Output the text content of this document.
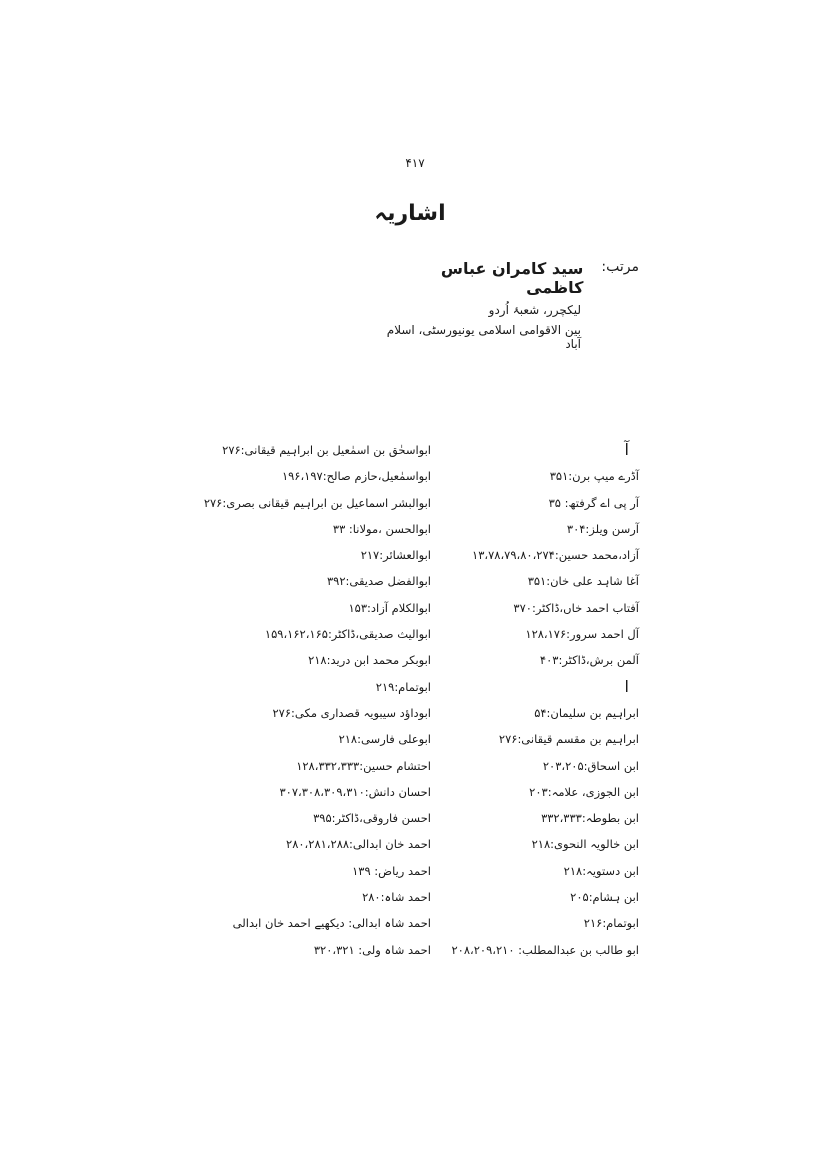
۴۱۷
اشاریہ
مرتب:
سید کامران عباس کاظمی
لیکچرر، شعبۂ اُردو
بین الاقوامی اسلامی یونیورسٹی، اسلام آباد
آ
آڈرے میپ برن:۳۵۱
آر پی اے گرفتھ: ۳۵
آرسن ویلز:۳۰۴
آزاد،محمد حسین:۱۳،۷۸،۷۹،۸۰،۲۷۴
آغا شاہد علی خان:۳۵۱
آفتاب احمد خاں،ڈاکٹر:۳۷۰
آل احمد سرور:۱۲۸،۱۷۶
آلمن برش،ڈاکٹر:۴۰۳
ا
ابراہیم بن سلیمان:۵۴
ابراہیم بن مقسم قیقانی:۲۷۶
ابن اسحاق:۲۰۳،۲۰۵
ابن الجوزی، علامہ:۲۰۳
ابن بطوطہ:۳۳۲،۳۳۳
ابن خالویہ النحوی:۲۱۸
ابن دستویہ:۲۱۸
ابن ہشام:۲۰۵
ابوتمام:۲۱۶
ابو طالب بن عبدالمطلب: ۲۰۸،۲۰۹،۲۱۰
ابواسحٰق بن اسمٰعیل بن ابراہیم قیقانی:۲۷۶
ابواسمٰعیل،حازم صالح:۱۹۶،۱۹۷
ابوالبشر اسماعیل بن ابراہیم قیقانی بصری:۲۷۶
ابوالحسن ،مولانا: ۳۳
ابوالعشائر:۲۱۷
ابوالفضل صدیقی:۳۹۲
ابوالکلام آزاد:۱۵۳
ابوالیث صدیقی،ڈاکٹر:۱۵۹،۱۶۲،۱۶۵
ابوبکر محمد ابن درید:۲۱۸
ابوتمام:۲۱۹
ابوداؤد سیبویہ قصداری مکی:۲۷۶
ابوعلی فارسی:۲۱۸
احتشام حسین:۱۲۸،۳۳۲،۳۳۳
احسان دانش:۳۰۷،۳۰۸،۳۰۹،۳۱۰
احسن فاروقی،ڈاکٹر:۳۹۵
احمد خان ابدالی:۲۸۰،۲۸۱،۲۸۸
احمد ریاض: ۱۳۹
احمد شاہ:۲۸۰
احمد شاہ ابدالی: دیکھیے احمد خان ابدالی
احمد شاہ ولی: ۳۲۰،۳۲۱
